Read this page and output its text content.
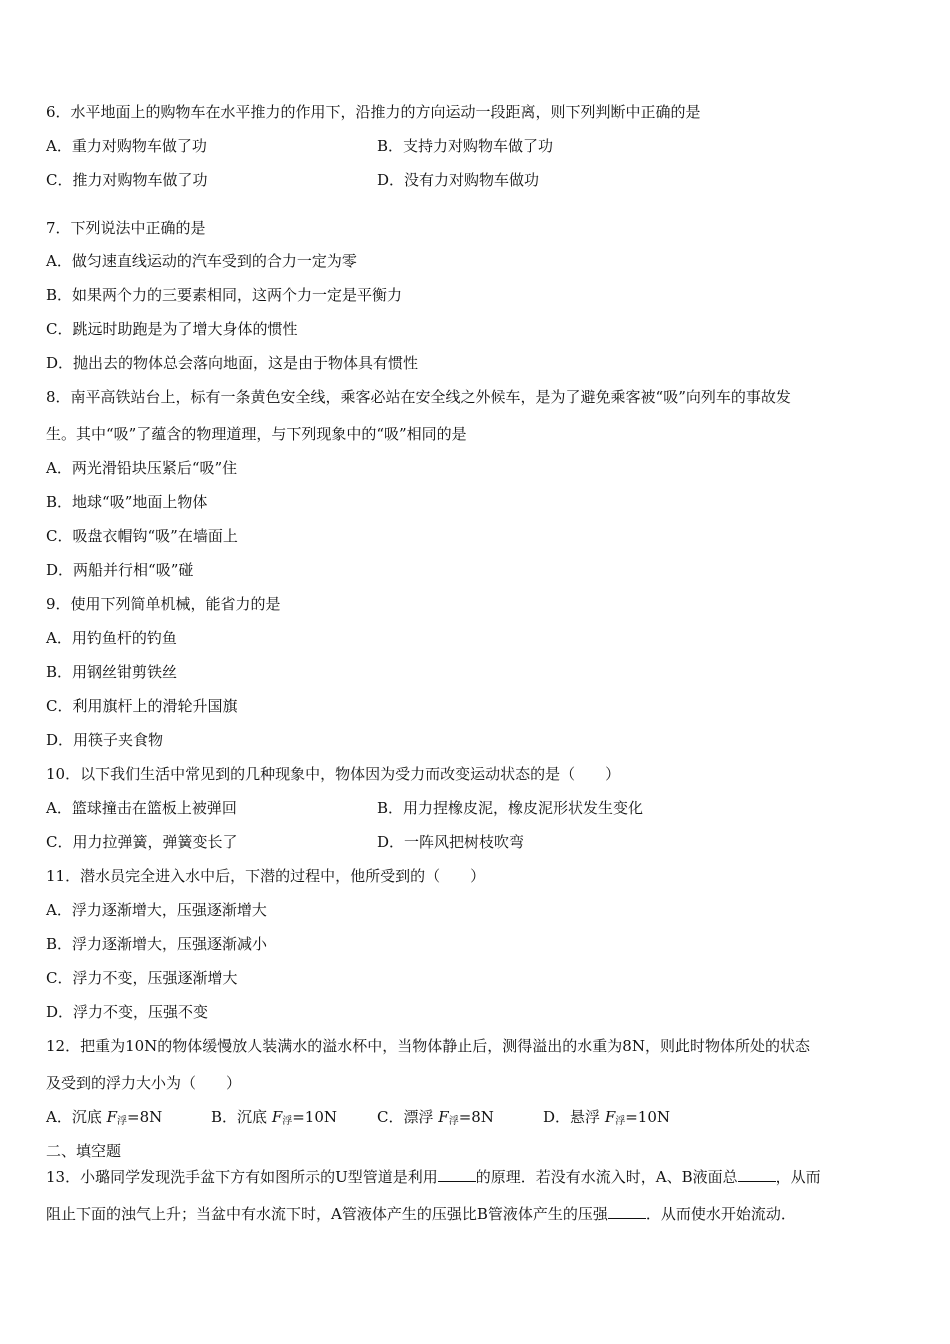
6．水平地面上的购物车在水平推力的作用下，沿推力的方向运动一段距离，则下列判断中正确的是
A．重力对购物车做了功	B．支持力对购物车做了功
C．推力对购物车做了功	D．没有力对购物车做功
7．下列说法中正确的是
A．做匀速直线运动的汽车受到的合力一定为零
B．如果两个力的三要素相同，这两个力一定是平衡力
C．跳远时助跑是为了增大身体的惯性
D．抛出去的物体总会落向地面，这是由于物体具有惯性
8．南平高铁站台上，标有一条黄色安全线，乘客必站在安全线之外候车，是为了避免乘客被“吸”向列车的事故发
生。其中“吸”了蕴含的物理道理，与下列现象中的“吸”相同的是
A．两光滑铅块压紧后“吸”住
B．地球“吸”地面上物体
C．吸盘衣帽钩“吸”在墙面上
D．两船并行相“吸”碰
9．使用下列简单机械，能省力的是
A．用钓鱼杆的钓鱼
B．用钢丝钳剪铁丝
C．利用旗杆上的滑轮升国旗
D．用筷子夹食物
10．以下我们生活中常见到的几种现象中，物体因为受力而改变运动状态的是（　　）
A．篮球撞击在篮板上被弹回	B．用力捏橡皮泥，橡皮泥形状发生变化
C．用力拉弹簧，弹簧变长了	D．一阵风把树枝吹弯
11．潜水员完全进入水中后，下潜的过程中，他所受到的（　　）
A．浮力逐渐增大，压强逐渐增大
B．浮力逐渐增大，压强逐渐减小
C．浮力不变，压强逐渐增大
D．浮力不变，压强不变
12．把重为10N的物体缓慢放人装满水的溢水杯中，当物体静止后，测得溢出的水重为8N，则此时物体所处的状态
及受到的浮力大小为（　　）
A．沉底 $F_浮=8N$	B．沉底 $F_浮=10N$	C．漂浮 $F_浮=8N$	D．悬浮 $F_浮=10N$
二、填空题
13．小璐同学发现洗手盆下方有如图所示的U型管道是利用	的原理．若没有水流入时，A、B液面总	，从而
阻止下面的浊气上升；当盆中有水流下时，A管液体产生的压强比B管液体产生的压强	．从而使水开始流动．
